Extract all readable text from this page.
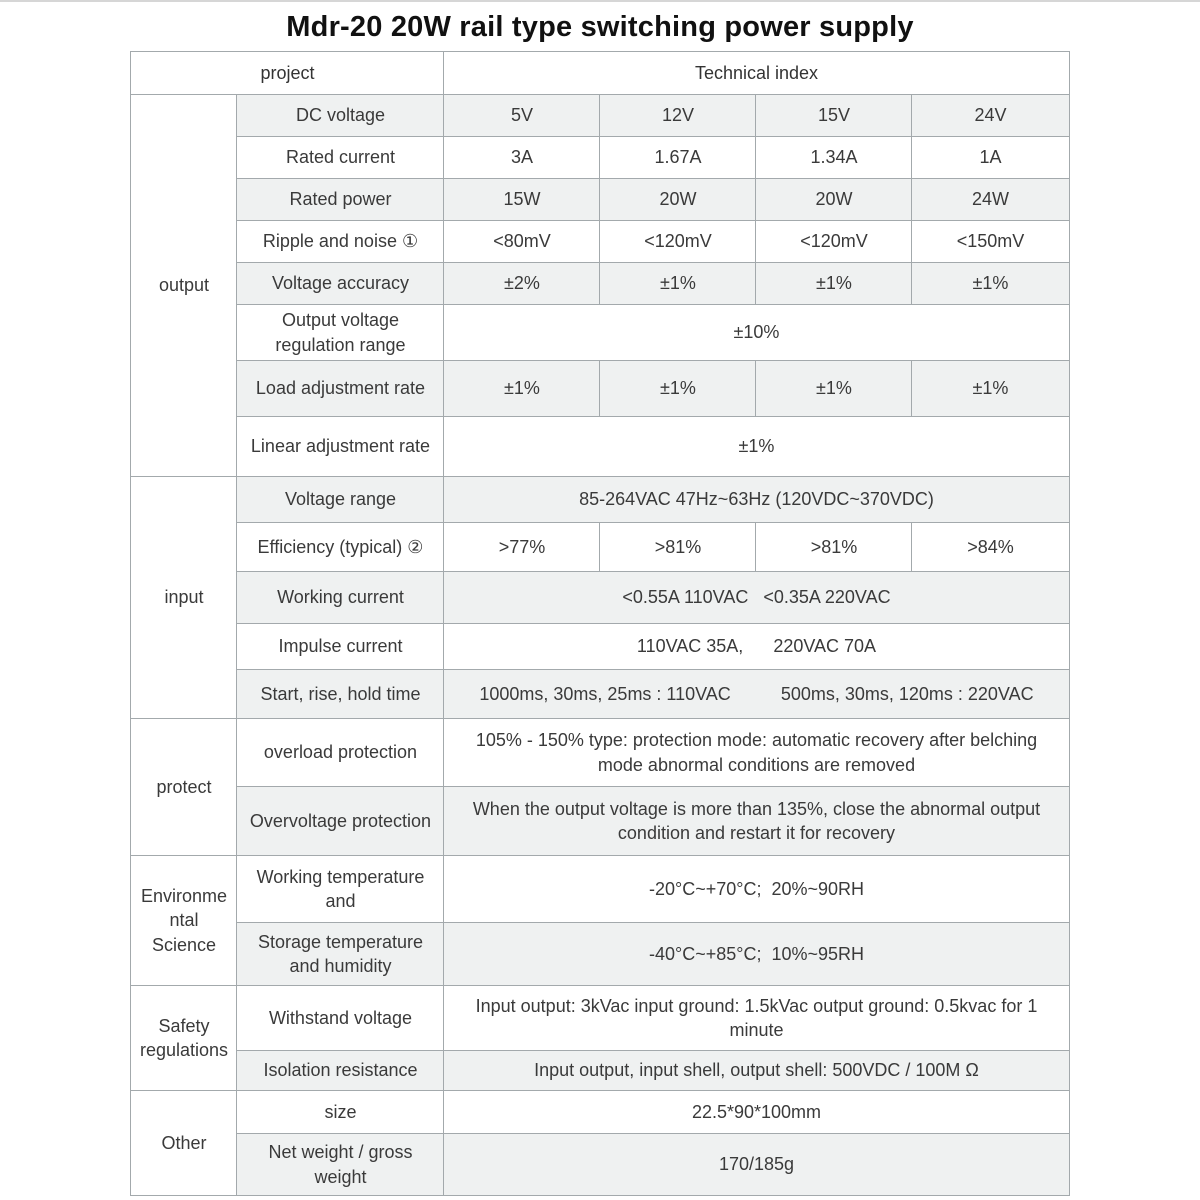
Mdr-20 20W rail type switching power supply
project		Technical index			
output	DC voltage	5V	12V	15V	24V
	Rated current	3A	1.67A	1.34A	1A
	Rated power	15W	20W	20W	24W
	Ripple and noise ①	<80mV	<120mV	<120mV	<150mV
	Voltage accuracy	±2%	±1%	±1%	±1%
	Output voltage regulation range	±10%			
	Load adjustment rate	±1%	±1%	±1%	±1%
	Linear adjustment rate	±1%			
input	Voltage range	85-264VAC 47Hz~63Hz (120VDC~370VDC)			
	Efficiency (typical) ②	>77%	>81%	>81%	>84%
	Working current	<0.55A 110VAC   <0.35A 220VAC			
	Impulse current	110VAC 35A,      220VAC 70A			
	Start, rise, hold time	1000ms, 30ms, 25ms : 110VAC          500ms, 30ms, 120ms : 220VAC			
protect	overload protection	105% - 150% type: protection mode: automatic recovery after belching mode abnormal conditions are removed			
	Overvoltage protection	When the output voltage is more than 135%, close the abnormal output condition and restart it for recovery			
Environmental Science	Working temperature and	-20°C~+70°C;  20%~90RH			
	Storage temperature and humidity	-40°C~+85°C;  10%~95RH			
Safety regulations	Withstand voltage	Input output: 3kVac input ground: 1.5kVac output ground: 0.5kvac for 1 minute			
	Isolation resistance	Input output, input shell, output shell: 500VDC / 100M Ω			
Other	size	22.5*90*100mm			
	Net weight / gross weight	170/185g			
